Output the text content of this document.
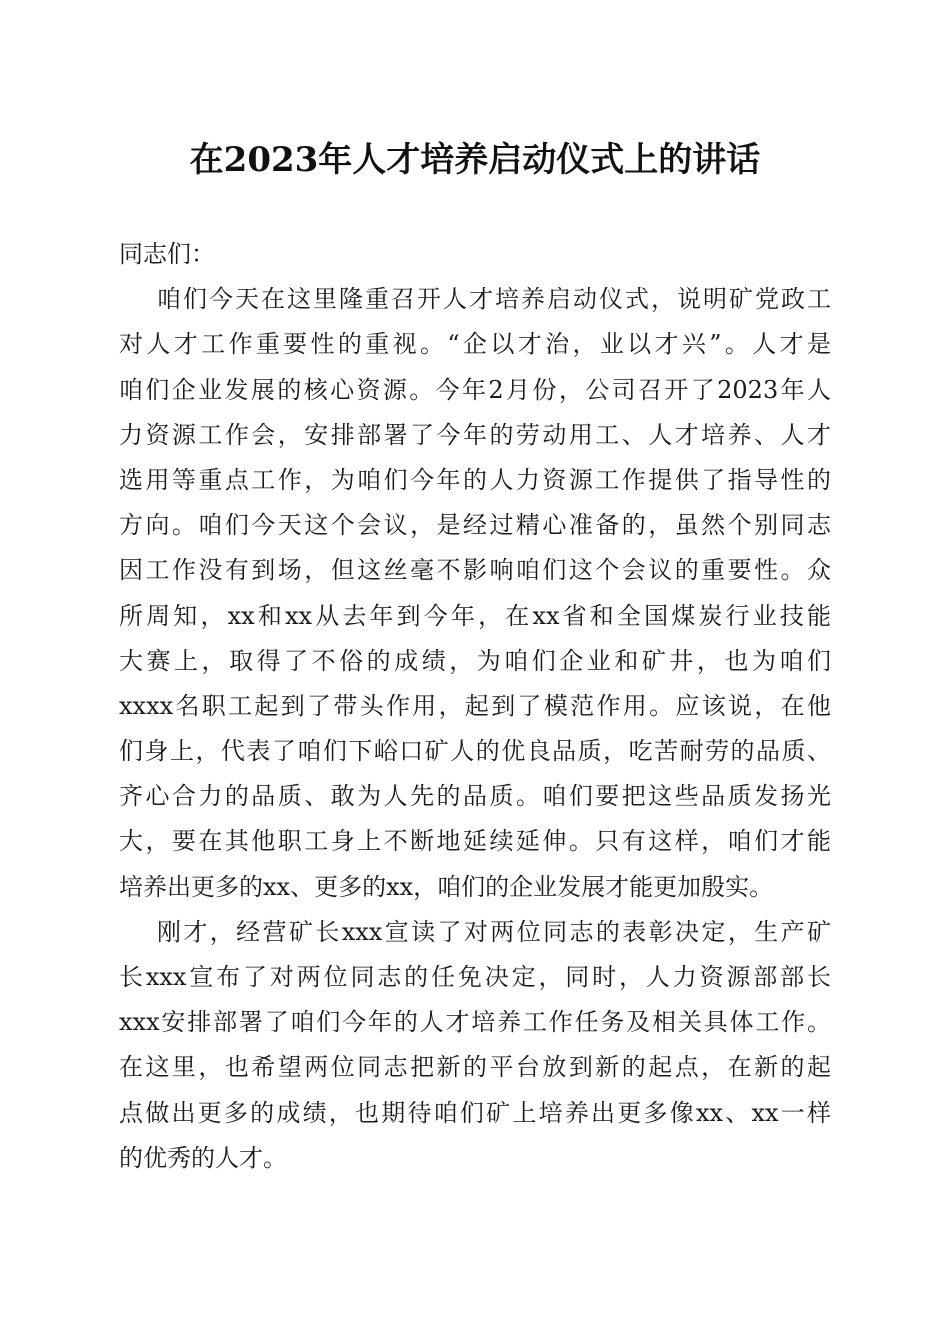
在2023年人才培养启动仪式上的讲话
同志们：
咱们今天在这里隆重召开人才培养启动仪式，说明矿党政工
对人才工作重要性的重视。“企以才治，业以才兴”。人才是
咱们企业发展的核心资源。今年2月份，公司召开了2023年人
力资源工作会，安排部署了今年的劳动用工、人才培养、人才
选用等重点工作，为咱们今年的人力资源工作提供了指导性的
方向。咱们今天这个会议，是经过精心准备的，虽然个别同志
因工作没有到场，但这丝毫不影响咱们这个会议的重要性。众
所周知，xx和xx从去年到今年，在xx省和全国煤炭行业技能
大赛上，取得了不俗的成绩，为咱们企业和矿井，也为咱们
xxxx名职工起到了带头作用，起到了模范作用。应该说，在他
们身上，代表了咱们下峪口矿人的优良品质，吃苦耐劳的品质、
齐心合力的品质、敢为人先的品质。咱们要把这些品质发扬光
大，要在其他职工身上不断地延续延伸。只有这样，咱们才能
培养出更多的xx、更多的xx，咱们的企业发展才能更加殷实。
刚才，经营矿长xxx宣读了对两位同志的表彰决定，生产矿
长xxx宣布了对两位同志的任免决定，同时，人力资源部部长
xxx安排部署了咱们今年的人才培养工作任务及相关具体工作。
在这里，也希望两位同志把新的平台放到新的起点，在新的起
点做出更多的成绩，也期待咱们矿上培养出更多像xx、xx一样
的优秀的人才。
